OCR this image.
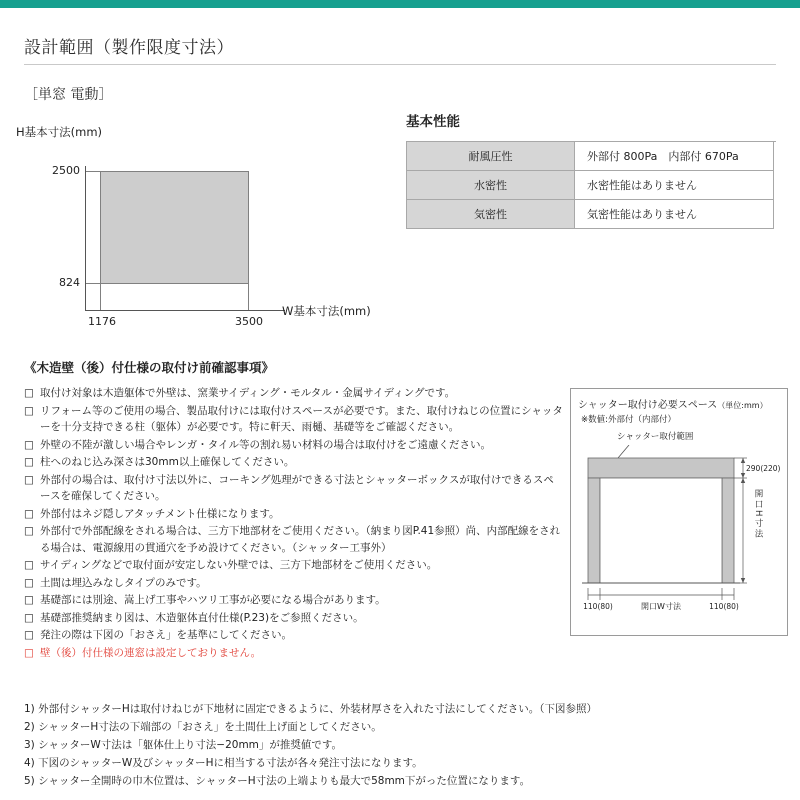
設計範囲（製作限度寸法）
［単窓 電動］
H基本寸法(mm)
2500
824
1176	3500
W基本寸法(mm)
基本性能
耐風圧性	外部付 800Pa　内部付 670Pa
水密性	水密性能はありません
気密性	気密性能はありません
《木造壁（後）付仕様の取付け前確認事項》
□ 取付け対象は木造躯体で外壁は、窯業サイディング・モルタル・金属サイディングです。
□ リフォーム等のご使用の場合、製品取付けには取付けスペースが必要です。また、取付けねじの位置にシャッターを十分支持できる柱（躯体）が必要です。特に軒天、雨樋、基礎等をご確認ください。
□ 外壁の不陸が激しい場合やレンガ・タイル等の割れ易い材料の場合は取付けをご遠慮ください。
□ 柱へのねじ込み深さは30mm以上確保してください。
□ 外部付の場合は、取付け寸法以外に、コーキング処理ができる寸法とシャッターボックスが取付けできるスペースを確保してください。
□ 外部付はネジ隠しアタッチメント仕様になります。
□ 外部付で外部配線をされる場合は、三方下地部材をご使用ください。（納まり図P.41参照）尚、内部配線をされる場合は、電源線用の貫通穴を予め設けてください。（シャッター工事外）
□ サイディングなどで取付面が安定しない外壁では、三方下地部材をご使用ください。
□ 土間は埋込みなしタイプのみです。
□ 基礎部には別途、嵩上げ工事やハツリ工事が必要になる場合があります。
□ 基礎部推奨納まり図は、木造躯体直付仕様(P.23)をご参照ください。
□ 発注の際は下図の「おさえ」を基準にしてください。
□ 壁（後）付仕様の連窓は設定しておりません。
シャッター取付け必要スペース（単位:mm）
※数値:外部付（内部付）
シャッター取付範囲
290(220)
110(80)	開口W寸法	110(80)
開口H寸法
1) 外部付シャッターHは取付けねじが下地材に固定できるように、外装材厚さを入れた寸法にしてください。（下図参照）
2) シャッターH寸法の下端部の「おさえ」を土間仕上げ面としてください。
3) シャッターW寸法は「躯体仕上り寸法−20mm」が推奨値です。
4) 下図のシャッターW及びシャッターHに相当する寸法が各々発注寸法になります。
5) シャッター全開時の巾木位置は、シャッターH寸法の上端よりも最大で58mm下がった位置になります。
